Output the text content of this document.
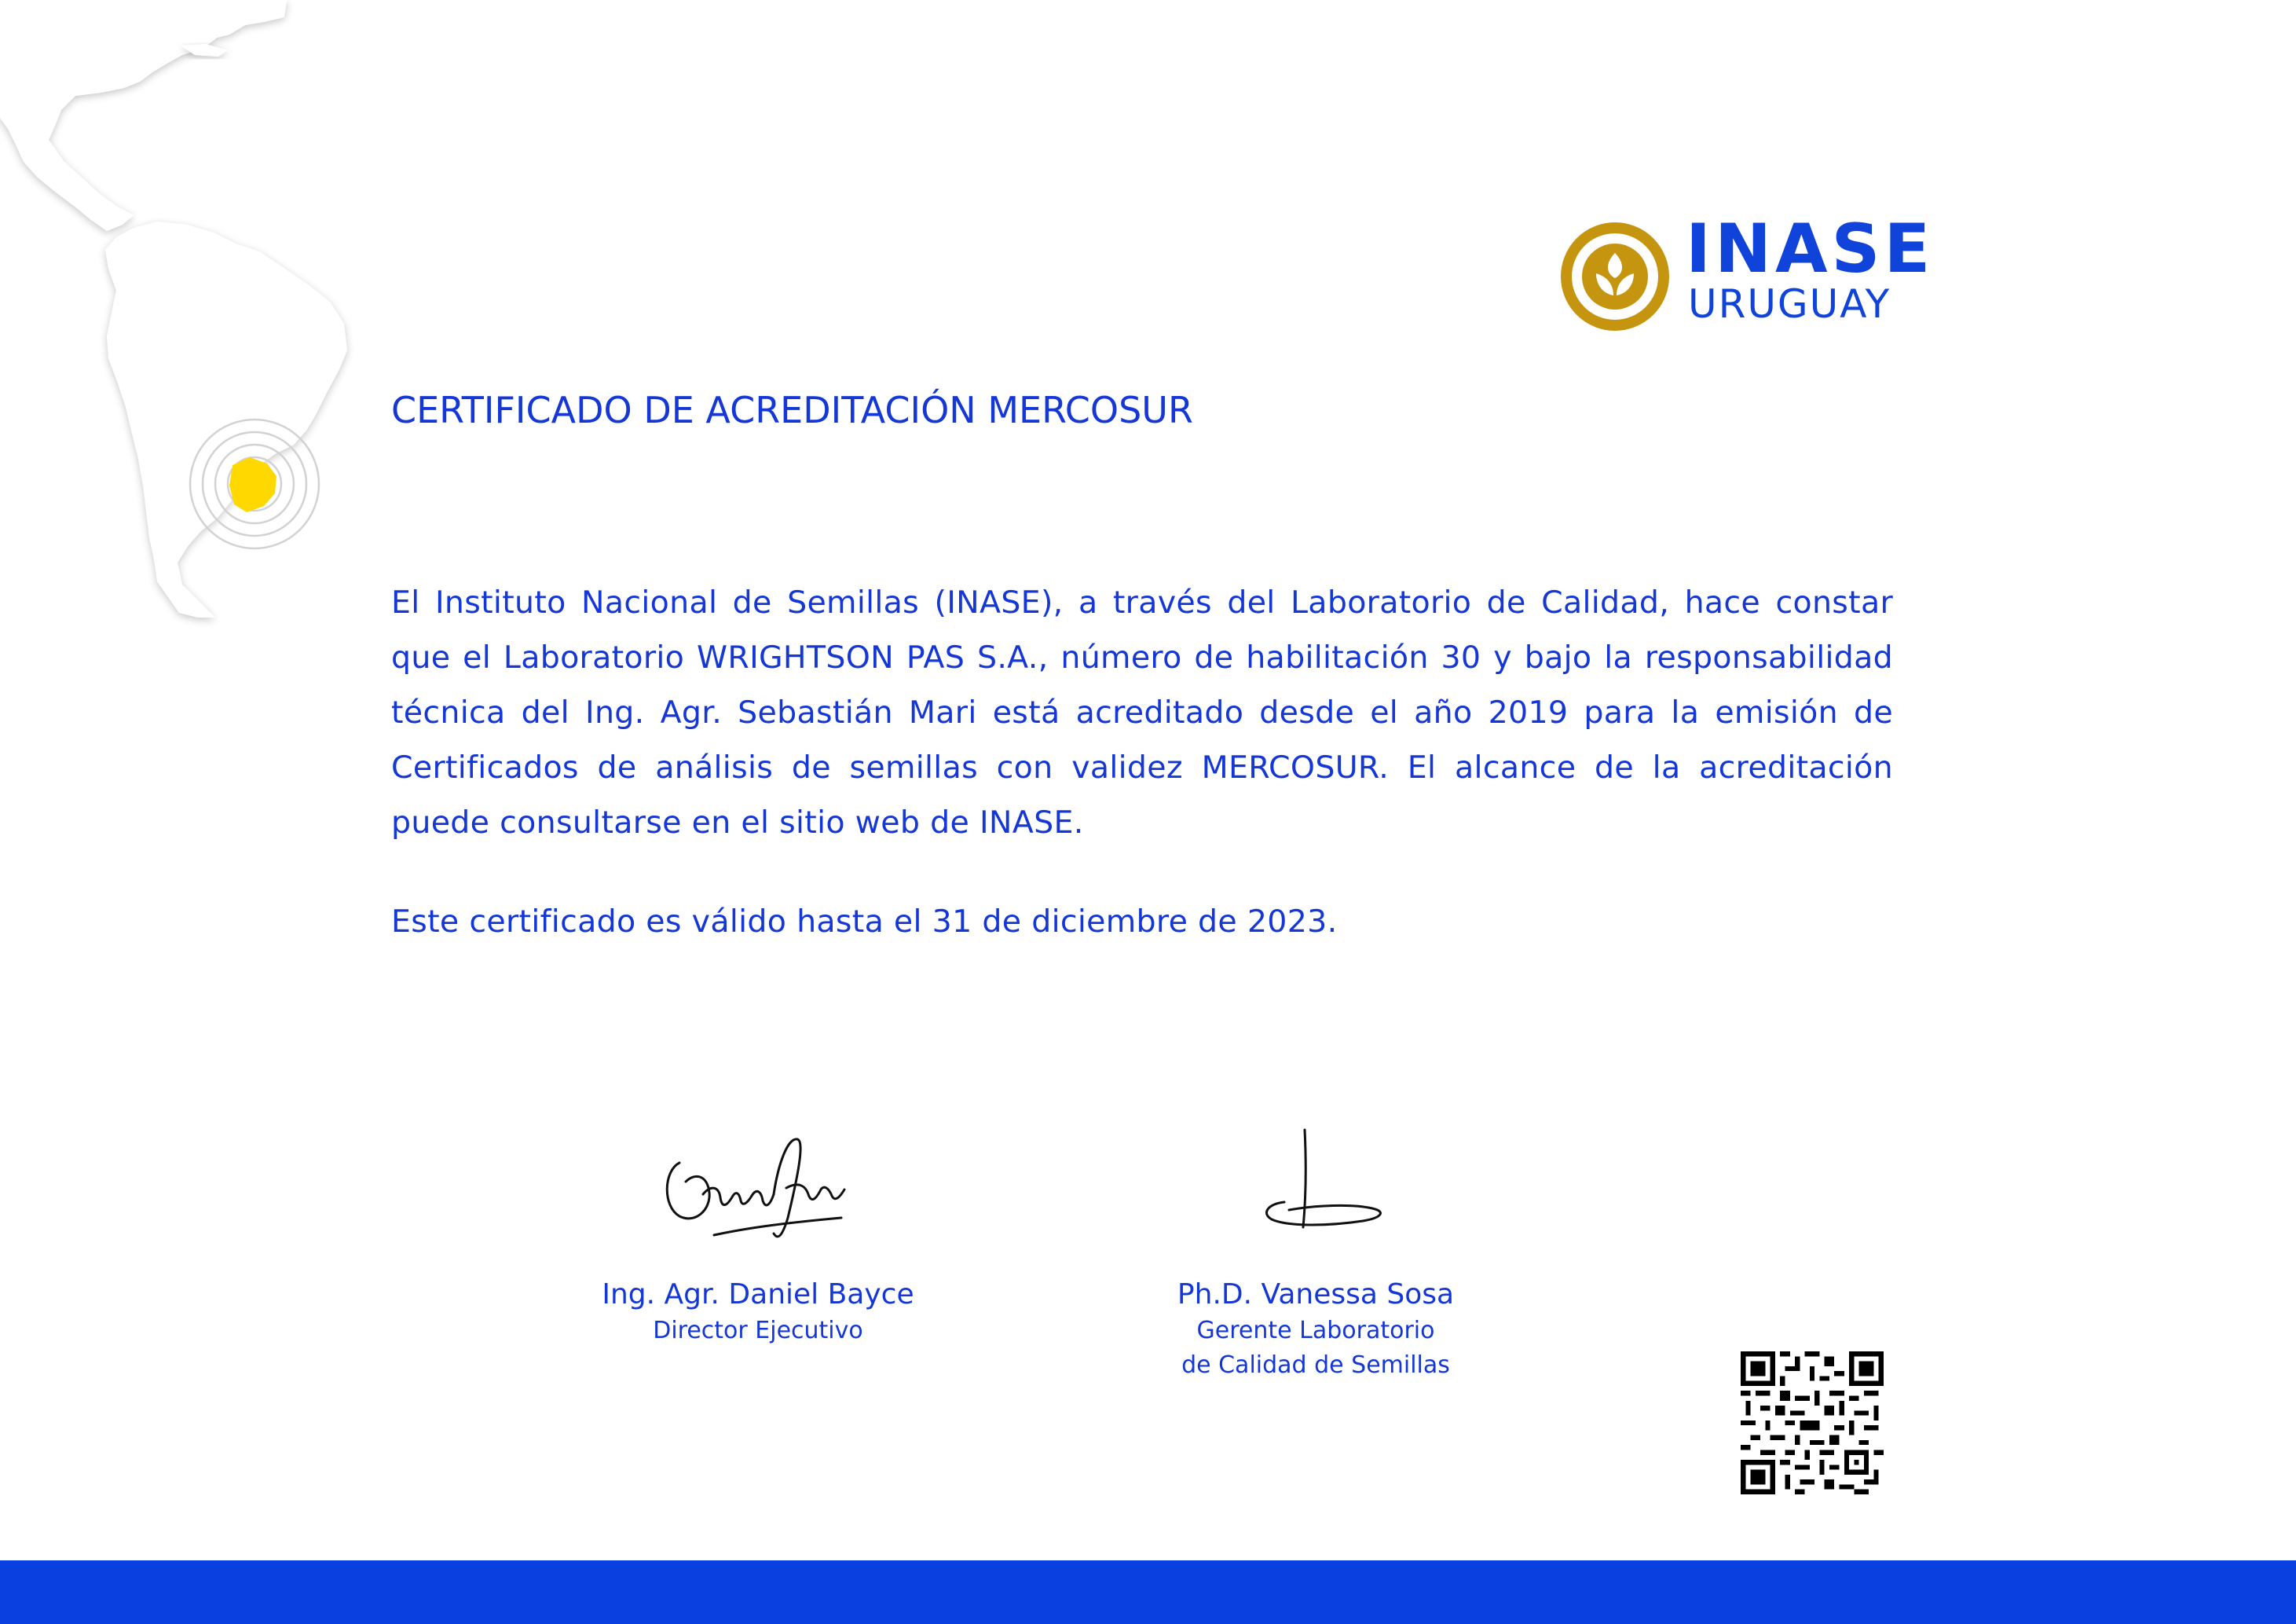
INASE
URUGUAY
CERTIFICADO DE ACREDITACIÓN MERCOSUR

El Instituto Nacional de Semillas (INASE), a través del Laboratorio de Calidad, hace constar que el Laboratorio WRIGHTSON PAS S.A., número de habilitación 30 y bajo la responsabilidad técnica del Ing. Agr. Sebastián Mari está acreditado desde el año 2019 para la emisión de Certificados de análisis de semillas con validez MERCOSUR. El alcance de la acreditación puede consultarse en el sitio web de INASE.

Este certificado es válido hasta el 31 de diciembre de 2023.

Ing. Agr. Daniel Bayce
Director Ejecutivo
Ph.D. Vanessa Sosa
Gerente Laboratorio
de Calidad de Semillas
